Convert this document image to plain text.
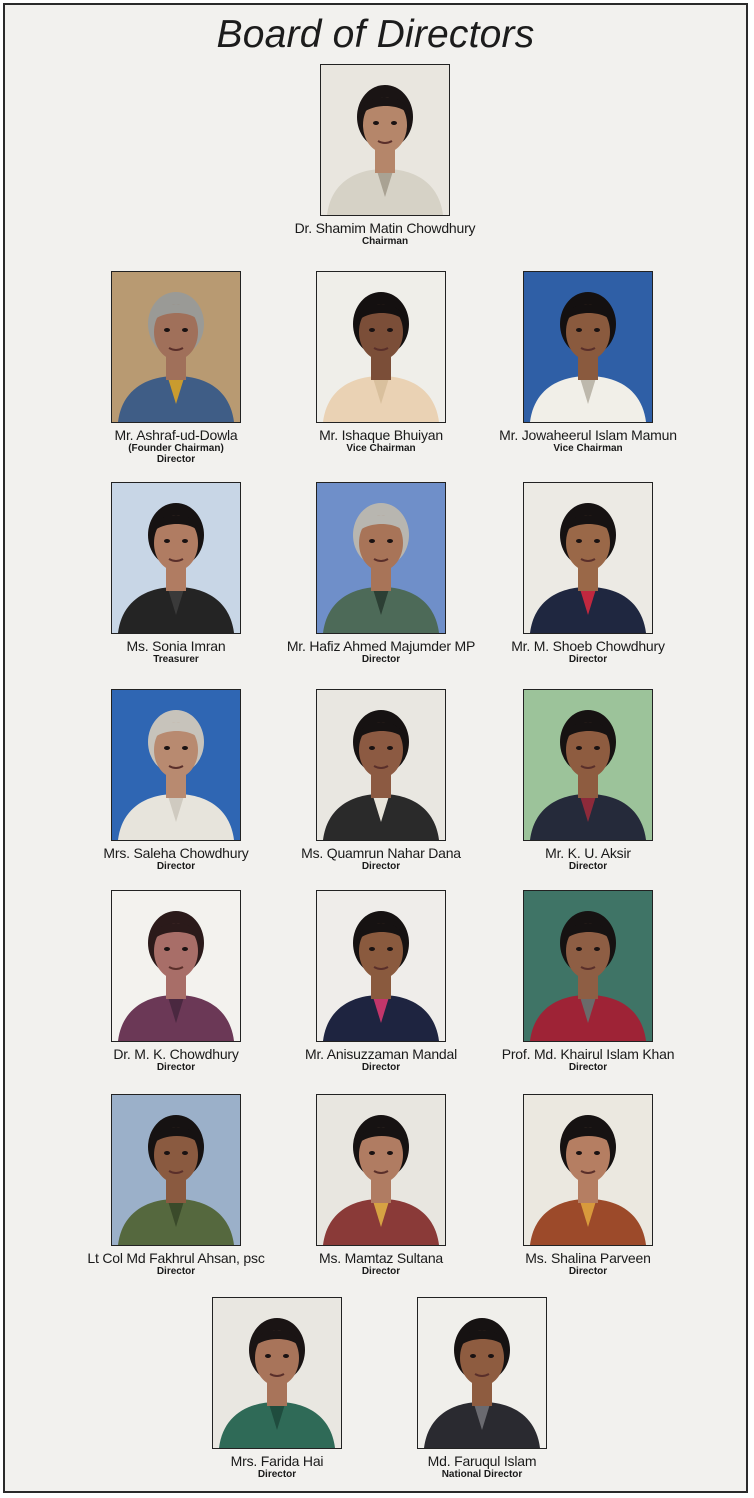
Board of Directors
Dr. Shamim Matin Chowdhury
Chairman
Mr. Ashraf-ud-Dowla
(Founder Chairman)
Director
Mr. Ishaque Bhuiyan
Vice Chairman
Mr. Jowaheerul Islam Mamun
Vice Chairman
Ms. Sonia Imran
Treasurer
Mr. Hafiz Ahmed Majumder MP
Director
Mr. M. Shoeb Chowdhury
Director
Mrs. Saleha Chowdhury
Director
Ms. Quamrun Nahar Dana
Director
Mr. K. U. Aksir
Director
Dr. M. K. Chowdhury
Director
Mr. Anisuzzaman Mandal
Director
Prof. Md. Khairul Islam Khan
Director
Lt Col Md Fakhrul Ahsan, psc
Director
Ms. Mamtaz Sultana
Director
Ms. Shalina Parveen
Director
Mrs. Farida Hai
Director
Md. Faruqul Islam
National Director
